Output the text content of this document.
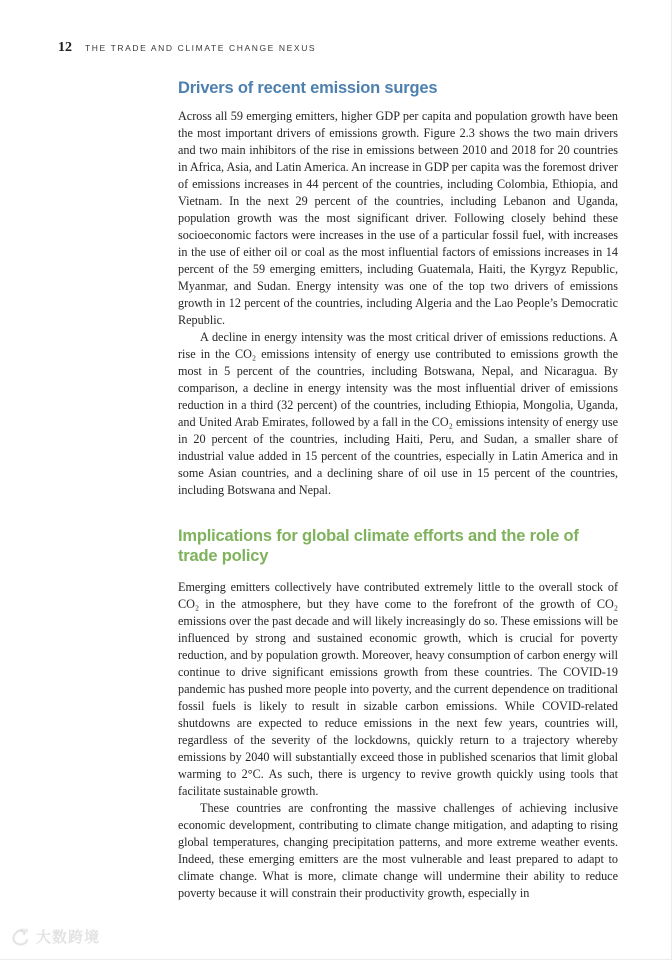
12 THE TRADE AND CLIMATE CHANGE NEXUS
Drivers of recent emission surges

Across all 59 emerging emitters, higher GDP per capita and population growth have been the most important drivers of emissions growth. Figure 2.3 shows the two main drivers and two main inhibitors of the rise in emissions between 2010 and 2018 for 20 countries in Africa, Asia, and Latin America. An increase in GDP per capita was the foremost driver of emissions increases in 44 percent of the countries, including Colombia, Ethiopia, and Vietnam. In the next 29 percent of the countries, including Lebanon and Uganda, population growth was the most significant driver. Following closely behind these socioeconomic factors were increases in the use of a particular fossil fuel, with increases in the use of either oil or coal as the most influential factors of emissions increases in 14 percent of the 59 emerging emitters, including Guatemala, Haiti, the Kyrgyz Republic, Myanmar, and Sudan. Energy intensity was one of the top two drivers of emissions growth in 12 percent of the countries, including Algeria and the Lao People’s Democratic Republic.

A decline in energy intensity was the most critical driver of emissions reductions. A rise in the CO₂ emissions intensity of energy use contributed to emissions growth the most in 5 percent of the countries, including Botswana, Nepal, and Nicaragua. By comparison, a decline in energy intensity was the most influential driver of emissions reduction in a third (32 percent) of the countries, including Ethiopia, Mongolia, Uganda, and United Arab Emirates, followed by a fall in the CO₂ emissions intensity of energy use in 20 percent of the countries, including Haiti, Peru, and Sudan, a smaller share of industrial value added in 15 percent of the countries, especially in Latin America and in some Asian countries, and a declining share of oil use in 15 percent of the countries, including Botswana and Nepal.

Implications for global climate efforts and the role of trade policy

Emerging emitters collectively have contributed extremely little to the overall stock of CO₂ in the atmosphere, but they have come to the forefront of the growth of CO₂ emissions over the past decade and will likely increasingly do so. These emissions will be influenced by strong and sustained economic growth, which is crucial for poverty reduction, and by population growth. Moreover, heavy consumption of carbon energy will continue to drive significant emissions growth from these countries. The COVID-19 pandemic has pushed more people into poverty, and the current dependence on traditional fossil fuels is likely to result in sizable carbon emissions. While COVID-related shutdowns are expected to reduce emissions in the next few years, countries will, regardless of the severity of the lockdowns, quickly return to a trajectory whereby emissions by 2040 will substantially exceed those in published scenarios that limit global warming to 2°C. As such, there is urgency to revive growth quickly using tools that facilitate sustainable growth.

These countries are confronting the massive challenges of achieving inclusive economic development, contributing to climate change mitigation, and adapting to rising global temperatures, changing precipitation patterns, and more extreme weather events. Indeed, these emerging emitters are the most vulnerable and least prepared to adapt to climate change. What is more, climate change will undermine their ability to reduce poverty because it will constrain their productivity growth, especially in

大数跨境
